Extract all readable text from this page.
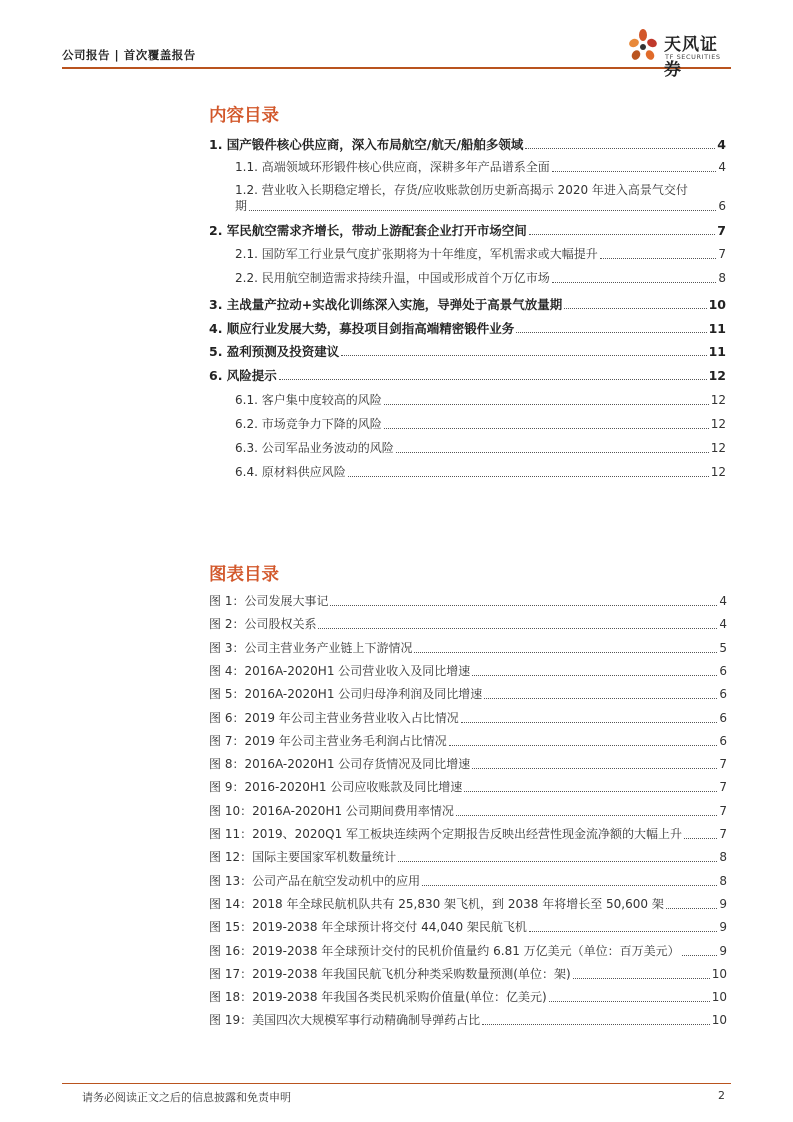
公司报告 | 首次覆盖报告	天风证券
TF SECURITIES
内容目录
1. 国产锻件核心供应商，深入布局航空/航天/船舶多领域	4
1.1. 高端领域环形锻件核心供应商，深耕多年产品谱系全面	4
1.2. 营业收入长期稳定增长，存货/应收账款创历史新高揭示 2020 年进入高景气交付
期	6
2. 军民航空需求齐增长，带动上游配套企业打开市场空间	7
2.1. 国防军工行业景气度扩张期将为十年维度，军机需求或大幅提升	7
2.2. 民用航空制造需求持续升温，中国或形成首个万亿市场	8
3. 主战量产拉动+实战化训练深入实施，导弹处于高景气放量期	10
4. 顺应行业发展大势，募投项目剑指高端精密锻件业务	11
5. 盈利预测及投资建议	11
6. 风险提示	12
6.1. 客户集中度较高的风险	12
6.2. 市场竞争力下降的风险	12
6.3. 公司军品业务波动的风险	12
6.4. 原材料供应风险	12
图表目录
图 1：公司发展大事记	4
图 2：公司股权关系	4
图 3：公司主营业务产业链上下游情况	5
图 4：2016A-2020H1 公司营业收入及同比增速	6
图 5：2016A-2020H1 公司归母净利润及同比增速	6
图 6：2019 年公司主营业务营业收入占比情况	6
图 7：2019 年公司主营业务毛利润占比情况	6
图 8：2016A-2020H1 公司存货情况及同比增速	7
图 9：2016-2020H1 公司应收账款及同比增速	7
图 10：2016A-2020H1 公司期间费用率情况	7
图 11：2019、2020Q1 军工板块连续两个定期报告反映出经营性现金流净额的大幅上升	7
图 12：国际主要国家军机数量统计	8
图 13：公司产品在航空发动机中的应用	8
图 14：2018 年全球民航机队共有 25,830 架飞机，到 2038 年将增长至 50,600 架	9
图 15：2019-2038 年全球预计将交付 44,040 架民航飞机	9
图 16：2019-2038 年全球预计交付的民机价值量约 6.81 万亿美元（单位：百万美元）	9
图 17：2019-2038 年我国民航飞机分种类采购数量预测(单位：架)	10
图 18：2019-2038 年我国各类民机采购价值量(单位：亿美元)	10
图 19：美国四次大规模军事行动精确制导弹药占比	10
请务必阅读正文之后的信息披露和免责申明	2
